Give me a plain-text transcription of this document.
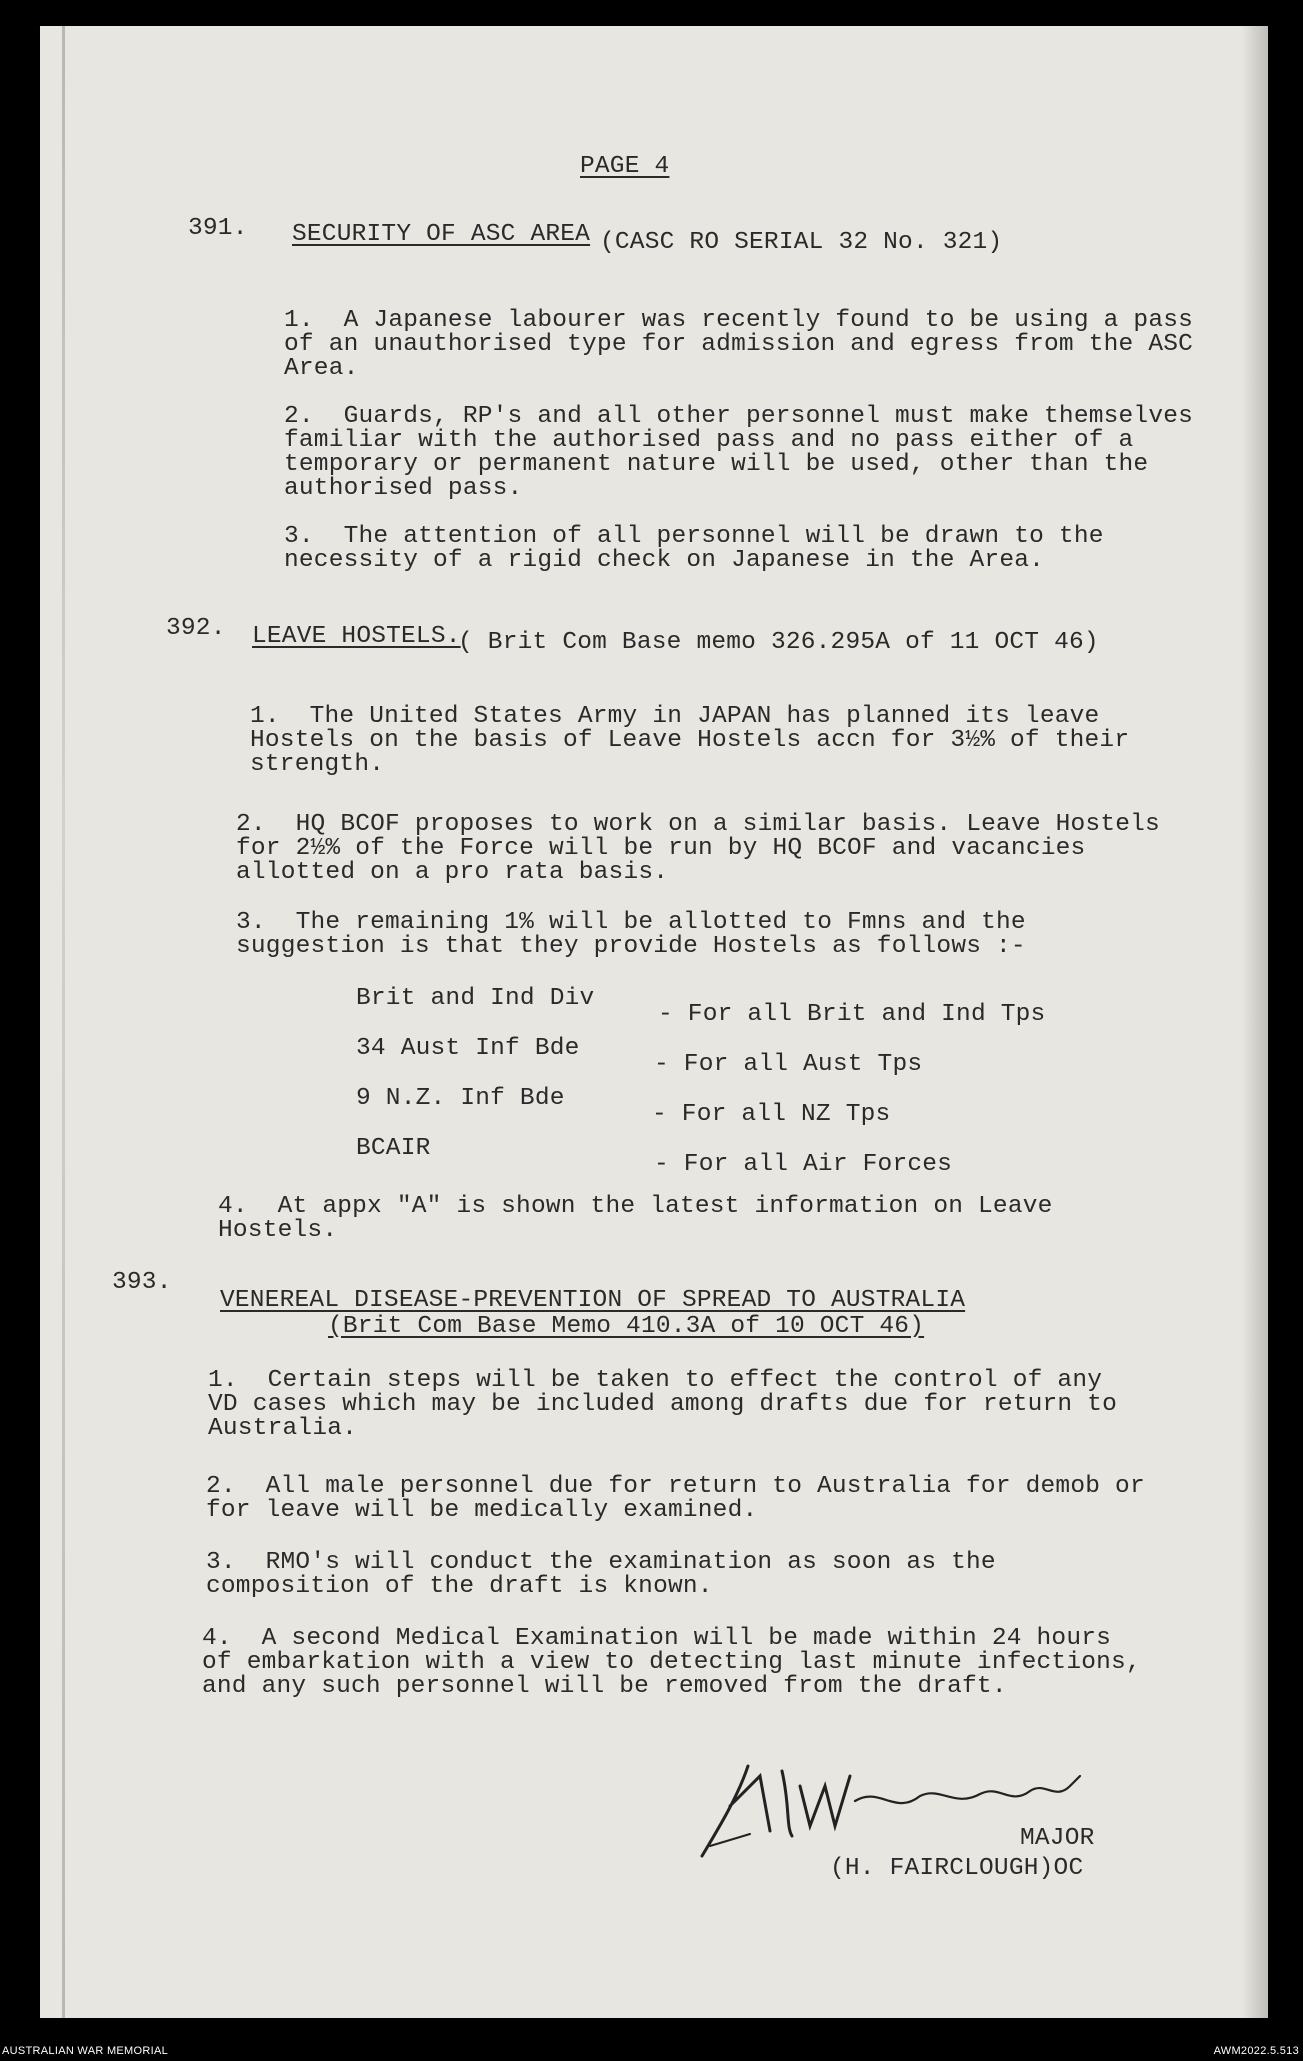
PAGE 4
391. SECURITY OF ASC AREA (CASC RO SERIAL 32 No. 321)
1.  A Japanese labourer was recently found to be using a pass
of an unauthorised type for admission and egress from the ASC
Area.
2.  Guards, RP's and all other personnel must make themselves
familiar with the authorised pass and no pass either of a
temporary or permanent nature will be used, other than the
authorised pass.
3.  The attention of all personnel will be drawn to the
necessity of a rigid check on Japanese in the Area.
392. LEAVE HOSTELS.
( Brit Com Base memo 326.295A of 11 OCT 46)
1.  The United States Army in JAPAN has planned its leave
Hostels on the basis of Leave Hostels accn for 3½% of their
strength.
2.  HQ BCOF proposes to work on a similar basis. Leave Hostels
for 2½% of the Force will be run by HQ BCOF and vacancies
allotted on a pro rata basis.
3.  The remaining 1% will be allotted to Fmns and the
suggestion is that they provide Hostels as follows :-
Brit and Ind Div
- For all Brit and Ind Tps
34 Aust Inf Bde
- For all Aust Tps
9 N.Z. Inf Bde
- For all NZ Tps
BCAIR
- For all Air Forces
4.  At appx "A" is shown the latest information on Leave
Hostels.
393.
VENEREAL DISEASE-PREVENTION OF SPREAD TO AUSTRALIA
(Brit Com Base Memo 410.3A of 10 OCT 46)
1.  Certain steps will be taken to effect the control of any
VD cases which may be included among drafts due for return to
Australia.
2.  All male personnel due for return to Australia for demob or
for leave will be medically examined.
3.  RMO's will conduct the examination as soon as the
composition of the draft is known.
4.  A second Medical Examination will be made within 24 hours
of embarkation with a view to detecting last minute infections,
and any such personnel will be removed from the draft.
MAJOR
(H. FAIRCLOUGH)OC
AUSTRALIAN WAR MEMORIAL	AWM2022.5.513
